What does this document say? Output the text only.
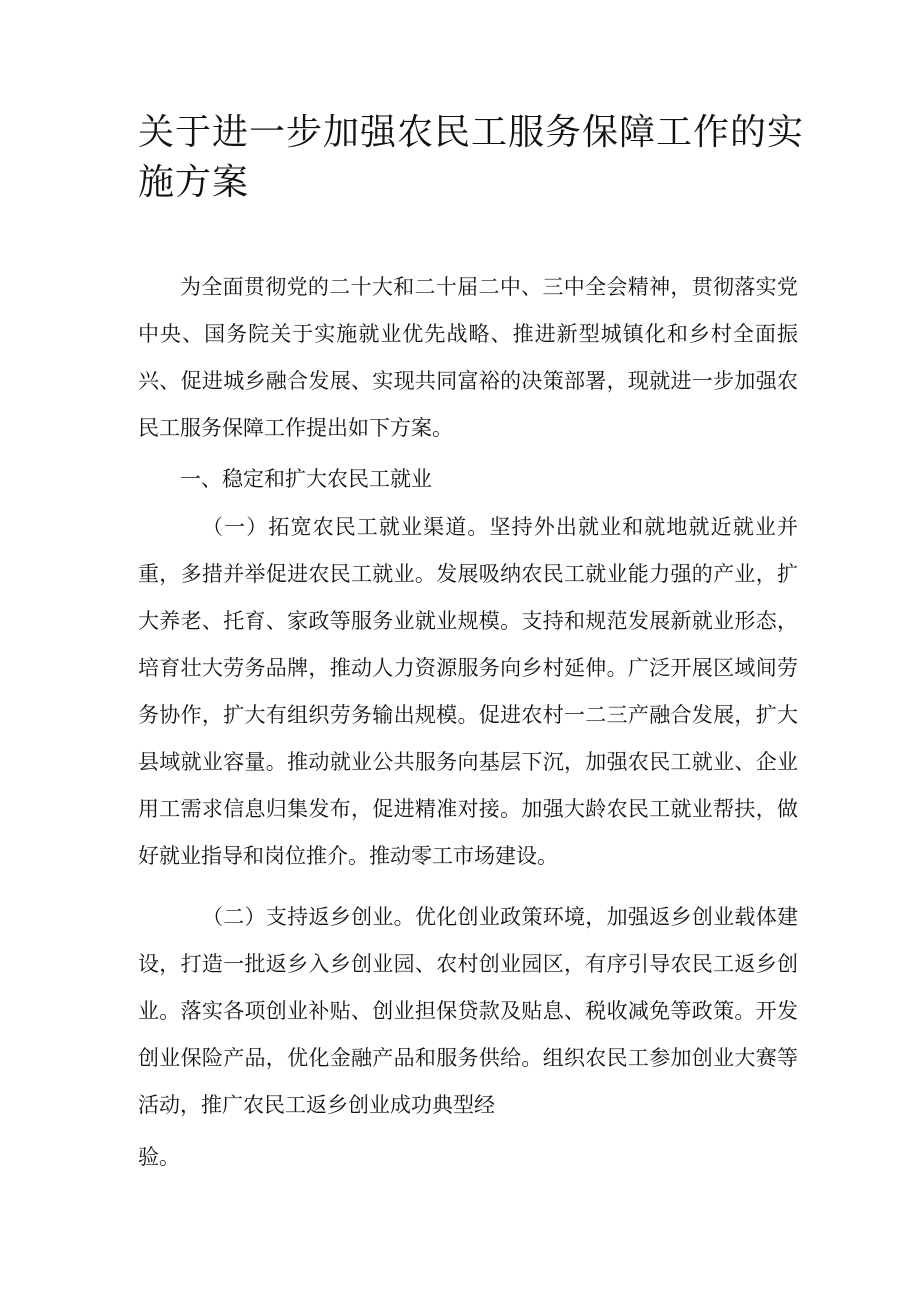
关于进一步加强农民工服务保障工作的实施方案

为全面贯彻党的二十大和二十届二中、三中全会精神，贯彻落实党中央、国务院关于实施就业优先战略、推进新型城镇化和乡村全面振兴、促进城乡融合发展、实现共同富裕的决策部署，现就进一步加强农民工服务保障工作提出如下方案。

一、稳定和扩大农民工就业

（一）拓宽农民工就业渠道。坚持外出就业和就地就近就业并重，多措并举促进农民工就业。发展吸纳农民工就业能力强的产业，扩大养老、托育、家政等服务业就业规模。支持和规范发展新就业形态，培育壮大劳务品牌，推动人力资源服务向乡村延伸。广泛开展区域间劳务协作，扩大有组织劳务输出规模。促进农村一二三产融合发展，扩大县域就业容量。推动就业公共服务向基层下沉，加强农民工就业、企业用工需求信息归集发布，促进精准对接。加强大龄农民工就业帮扶，做好就业指导和岗位推介。推动零工市场建设。

（二）支持返乡创业。优化创业政策环境，加强返乡创业载体建设，打造一批返乡入乡创业园、农村创业园区，有序引导农民工返乡创业。落实各项创业补贴、创业担保贷款及贴息、税收减免等政策。开发创业保险产品，优化金融产品和服务供给。组织农民工参加创业大赛等活动，推广农民工返乡创业成功典型经

验。
